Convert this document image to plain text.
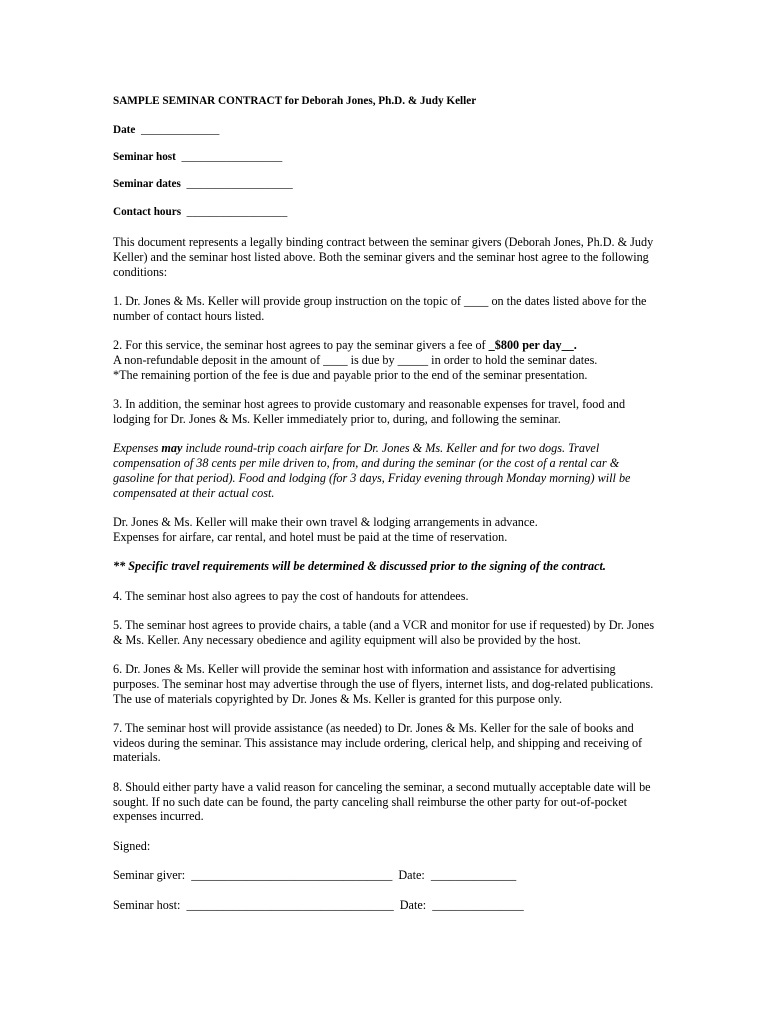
SAMPLE SEMINAR CONTRACT for Deborah Jones, Ph.D. & Judy Keller
Date ______________
Seminar host __________________
Seminar dates ___________________
Contact hours __________________

This document represents a legally binding contract between the seminar givers (Deborah Jones, Ph.D. & Judy Keller) and the seminar host listed above. Both the seminar givers and the seminar host agree to the following conditions:

1. Dr. Jones & Ms. Keller will provide group instruction on the topic of ____ on the dates listed above for the number of contact hours listed.

2. For this service, the seminar host agrees to pay the seminar givers a fee of _$800 per day__.
A non-refundable deposit in the amount of ____ is due by _____ in order to hold the seminar dates.
*The remaining portion of the fee is due and payable prior to the end of the seminar presentation.

3. In addition, the seminar host agrees to provide customary and reasonable expenses for travel, food and lodging for Dr. Jones & Ms. Keller immediately prior to, during, and following the seminar.

Expenses may include round-trip coach airfare for Dr. Jones & Ms. Keller and for two dogs. Travel compensation of 38 cents per mile driven to, from, and during the seminar (or the cost of a rental car & gasoline for that period). Food and lodging (for 3 days, Friday evening through Monday morning) will be compensated at their actual cost.

Dr. Jones & Ms. Keller will make their own travel & lodging arrangements in advance.
Expenses for airfare, car rental, and hotel must be paid at the time of reservation.

** Specific travel requirements will be determined & discussed prior to the signing of the contract.

4. The seminar host also agrees to pay the cost of handouts for attendees.

5. The seminar host agrees to provide chairs, a table (and a VCR and monitor for use if requested) by Dr. Jones & Ms. Keller. Any necessary obedience and agility equipment will also be provided by the host.

6. Dr. Jones & Ms. Keller will provide the seminar host with information and assistance for advertising purposes. The seminar host may advertise through the use of flyers, internet lists, and dog-related publications. The use of materials copyrighted by Dr. Jones & Ms. Keller is granted for this purpose only.

7. The seminar host will provide assistance (as needed) to Dr. Jones & Ms. Keller for the sale of books and videos during the seminar. This assistance may include ordering, clerical help, and shipping and receiving of materials.

8. Should either party have a valid reason for canceling the seminar, a second mutually acceptable date will be sought. If no such date can be found, the party canceling shall reimburse the other party for out-of-pocket expenses incurred.

Signed:

Seminar giver: _________________________________ Date: ______________
Seminar host: __________________________________ Date: _______________
